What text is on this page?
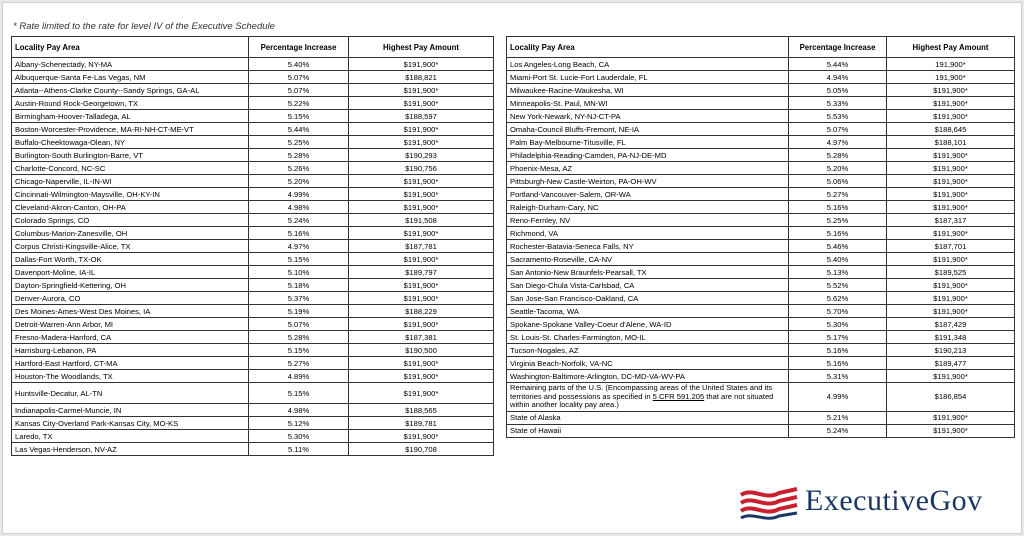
* Rate limited to the rate for level IV of the Executive Schedule
Locality Pay Area	Percentage Increase	Highest Pay Amount
Albany-Schenectady, NY-MA	5.40%	$191,900*
Albuquerque-Santa Fe-Las Vegas, NM	5.07%	$188,821
Atlanta--Athens-Clarke County--Sandy Springs, GA-AL	5.07%	$191,900*
Austin-Round Rock-Georgetown, TX	5.22%	$191,900*
Birmingham-Hoover-Talladega, AL	5.15%	$188,597
Boston-Worcester-Providence, MA-RI-NH-CT-ME-VT	5.44%	$191,900*
Buffalo-Cheektowaga-Olean, NY	5.25%	$191,900*
Burlington-South Burlington-Barre, VT	5.28%	$190,293
Charlotte-Concord, NC-SC	5.26%	$190,756
Chicago-Naperville, IL-IN-WI	5.20%	$191,900*
Cincinnati-Wilmington-Maysville, OH-KY-IN	4.99%	$191,900*
Cleveland-Akron-Canton, OH-PA	4.98%	$191,900*
Colorado Springs, CO	5.24%	$191,508
Columbus-Marion-Zanesville, OH	5.16%	$191,900*
Corpus Christi-Kingsville-Alice, TX	4.97%	$187,781
Dallas-Fort Worth, TX-OK	5.15%	$191,900*
Davenport-Moline, IA-IL	5.10%	$189,797
Dayton-Springfield-Kettering, OH	5.18%	$191,900*
Denver-Aurora, CO	5.37%	$191,900*
Des Moines-Ames-West Des Moines, IA	5.19%	$188,229
Detroit-Warren-Ann Arbor, MI	5.07%	$191,900*
Fresno-Madera-Hanford, CA	5.28%	$187,381
Harrisburg-Lebanon, PA	5.15%	$190,500
Hartford-East Hartford, CT-MA	5.27%	$191,900*
Houston-The Woodlands, TX	4.89%	$191,900*
Huntsville-Decatur, AL-TN	5.15%	$191,900*
Indianapolis-Carmel-Muncie, IN	4.98%	$188,565
Kansas City-Overland Park-Kansas City, MO-KS	5.12%	$189,781
Laredo, TX	5.30%	$191,900*
Las Vegas-Henderson, NV-AZ	5.11%	$190,708
Locality Pay Area	Percentage Increase	Highest Pay Amount
Los Angeles-Long Beach, CA	5.44%	191,900*
Miami-Port St. Lucie-Fort Lauderdale, FL	4.94%	191,900*
Milwaukee-Racine-Waukesha, WI	5.05%	$191,900*
Minneapolis-St. Paul, MN-WI	5.33%	$191,900*
New York-Newark, NY-NJ-CT-PA	5.53%	$191,900*
Omaha-Council Bluffs-Fremont, NE-IA	5.07%	$188,645
Palm Bay-Melbourne-Titusville, FL	4.97%	$188,101
Philadelphia-Reading-Camden, PA-NJ-DE-MD	5.28%	$191,900*
Phoenix-Mesa, AZ	5.20%	$191,900*
Pittsburgh-New Castle-Weirton, PA-OH-WV	5.06%	$191,900*
Portland-Vancouver-Salem, OR-WA	5.27%	$191,900*
Raleigh-Durham-Cary, NC	5.16%	$191,900*
Reno-Fernley, NV	5.25%	$187,317
Richmond, VA	5.16%	$191,900*
Rochester-Batavia-Seneca Falls, NY	5.46%	$187,701
Sacramento-Roseville, CA-NV	5.40%	$191,900*
San Antonio-New Braunfels-Pearsall, TX	5.13%	$189,525
San Diego-Chula Vista-Carlsbad, CA	5.52%	$191,900*
San Jose-San Francisco-Oakland, CA	5.62%	$191,900*
Seattle-Tacoma, WA	5.70%	$191,900*
Spokane-Spokane Valley-Coeur d'Alene, WA-ID	5.30%	$187,429
St. Louis-St. Charles-Farmington, MO-IL	5.17%	$191,348
Tucson-Nogales, AZ	5.16%	$190,213
Virginia Beach-Norfolk, VA-NC	5.16%	$189,477
Washington-Baltimore-Arlington, DC-MD-VA-WV-PA	5.31%	$191,900*
Remaining parts of the U.S. (Encompassing areas of the United States and its territories and possessions as specified in 5 CFR 591.205 that are not situated within another locality pay area.)	4.99%	$186,854
State of Alaska	5.21%	$191,900*
State of Hawaii	5.24%	$191,900*
ExecutiveGov
